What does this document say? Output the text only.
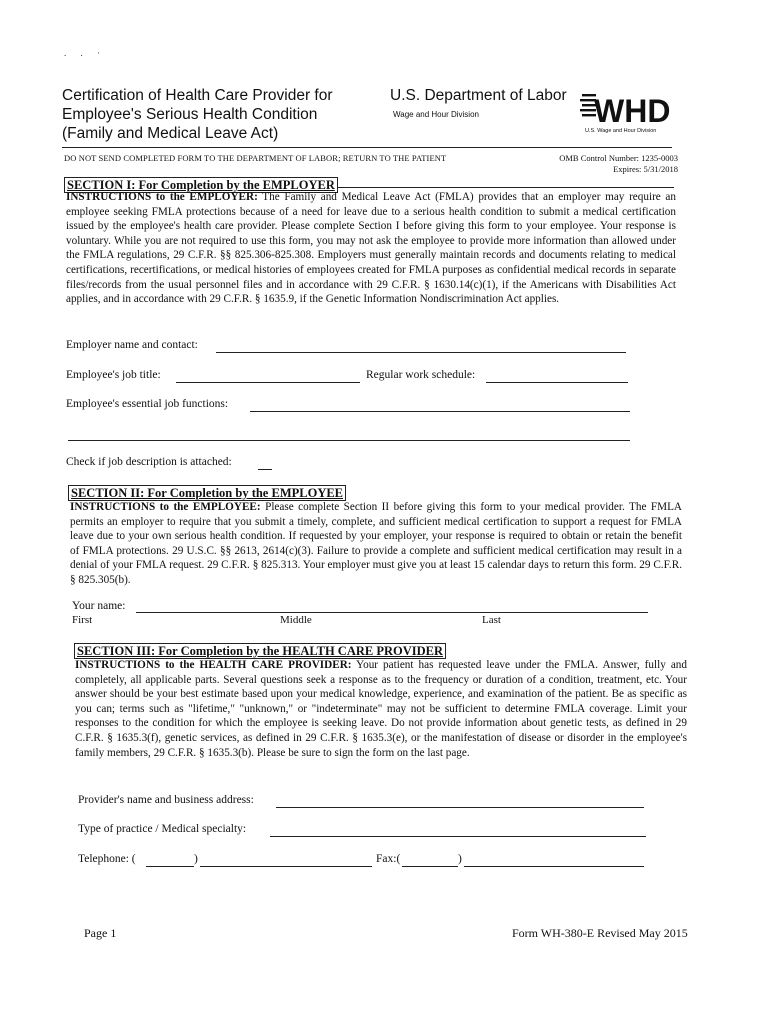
. . ·
Certification of Health Care Provider for Employee's Serious Health Condition (Family and Medical Leave Act)
U.S. Department of Labor
Wage and Hour Division	WHD
U.S. Wage and Hour Division
DO NOT SEND COMPLETED FORM TO THE DEPARTMENT OF LABOR; RETURN TO THE PATIENT	OMB Control Number: 1235-0003
Expires: 5/31/2018
SECTION I: For Completion by the EMPLOYER
INSTRUCTIONS to the EMPLOYER: The Family and Medical Leave Act (FMLA) provides that an employer may require an employee seeking FMLA protections because of a need for leave due to a serious health condition to submit a medical certification issued by the employee's health care provider. Please complete Section I before giving this form to your employee. Your response is voluntary. While you are not required to use this form, you may not ask the employee to provide more information than allowed under the FMLA regulations, 29 C.F.R. §§ 825.306-825.308. Employers must generally maintain records and documents relating to medical certifications, recertifications, or medical histories of employees created for FMLA purposes as confidential medical records in separate files/records from the usual personnel files and in accordance with 29 C.F.R. § 1630.14(c)(1), if the Americans with Disabilities Act applies, and in accordance with 29 C.F.R. § 1635.9, if the Genetic Information Nondiscrimination Act applies.
Employer name and contact:
Employee's job title:	Regular work schedule:
Employee's essential job functions:
Check if job description is attached:
SECTION II: For Completion by the EMPLOYEE
INSTRUCTIONS to the EMPLOYEE: Please complete Section II before giving this form to your medical provider. The FMLA permits an employer to require that you submit a timely, complete, and sufficient medical certification to support a request for FMLA leave due to your own serious health condition. If requested by your employer, your response is required to obtain or retain the benefit of FMLA protections. 29 U.S.C. §§ 2613, 2614(c)(3). Failure to provide a complete and sufficient medical certification may result in a denial of your FMLA request. 29 C.F.R. § 825.313. Your employer must give you at least 15 calendar days to return this form. 29 C.F.R. § 825.305(b).
Your name:
First	Middle	Last
SECTION III: For Completion by the HEALTH CARE PROVIDER
INSTRUCTIONS to the HEALTH CARE PROVIDER: Your patient has requested leave under the FMLA. Answer, fully and completely, all applicable parts. Several questions seek a response as to the frequency or duration of a condition, treatment, etc. Your answer should be your best estimate based upon your medical knowledge, experience, and examination of the patient. Be as specific as you can; terms such as "lifetime," "unknown," or "indeterminate" may not be sufficient to determine FMLA coverage. Limit your responses to the condition for which the employee is seeking leave. Do not provide information about genetic tests, as defined in 29 C.F.R. § 1635.3(f), genetic services, as defined in 29 C.F.R. § 1635.3(e), or the manifestation of disease or disorder in the employee's family members, 29 C.F.R. § 1635.3(b). Please be sure to sign the form on the last page.
Provider's name and business address:
Type of practice / Medical specialty:
Telephone: (	)	Fax:(	)
Page 1	Form WH-380-E Revised May 2015
